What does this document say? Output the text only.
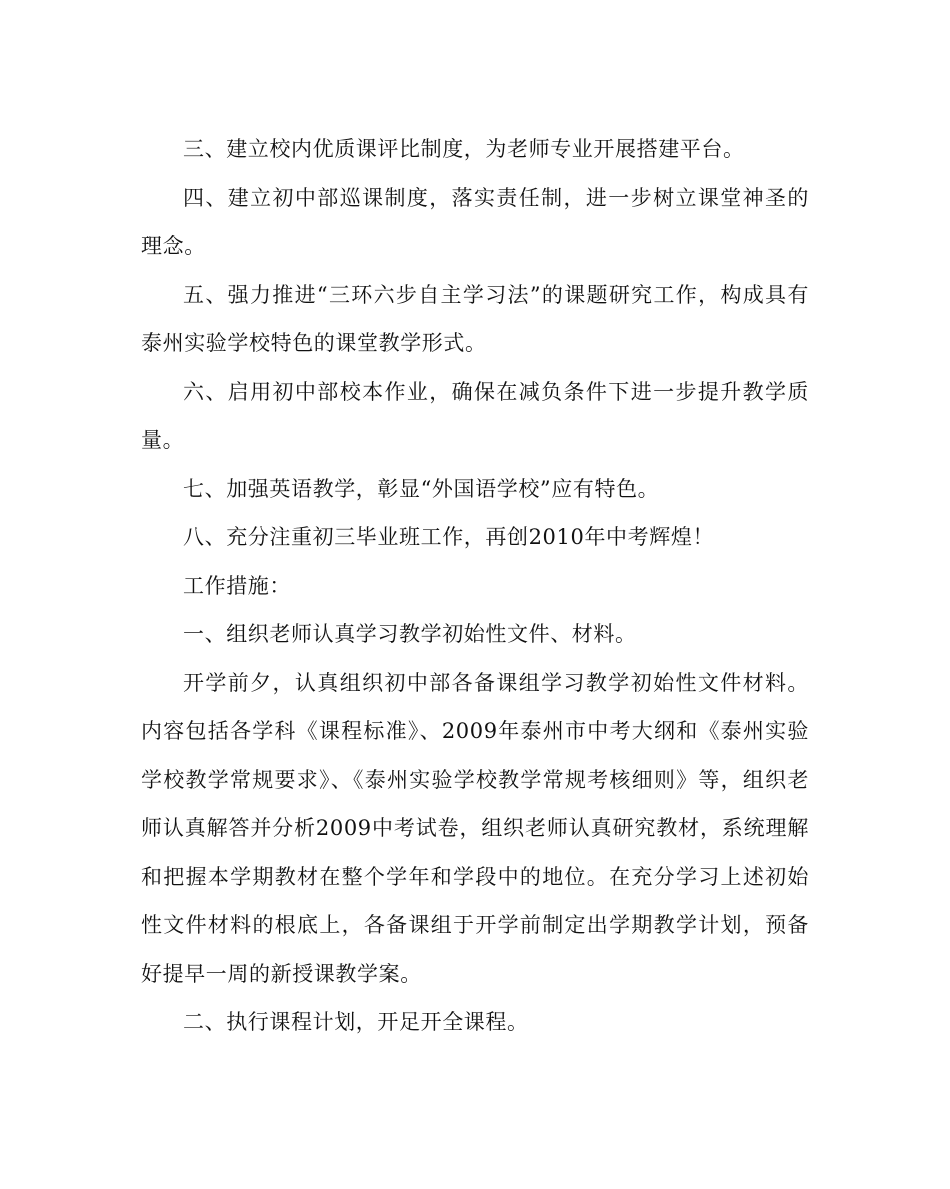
三、建立校内优质课评比制度，为老师专业开展搭建平台。

四、建立初中部巡课制度，落实责任制，进一步树立课堂神圣的理念。

五、强力推进“三环六步自主学习法”的课题研究工作，构成具有泰州实验学校特色的课堂教学形式。

六、启用初中部校本作业，确保在减负条件下进一步提升教学质量。

七、加强英语教学，彰显“外国语学校”应有特色。

八、充分注重初三毕业班工作，再创2010年中考辉煌！

工作措施：

一、组织老师认真学习教学初始性文件、材料。

开学前夕，认真组织初中部各备课组学习教学初始性文件材料。内容包括各学科《课程标准》、2009年泰州市中考大纲和《泰州实验学校教学常规要求》、《泰州实验学校教学常规考核细则》等，组织老师认真解答并分析2009中考试卷，组织老师认真研究教材，系统理解和把握本学期教材在整个学年和学段中的地位。在充分学习上述初始性文件材料的根底上，各备课组于开学前制定出学期教学计划，预备好提早一周的新授课教学案。

二、执行课程计划，开足开全课程。
